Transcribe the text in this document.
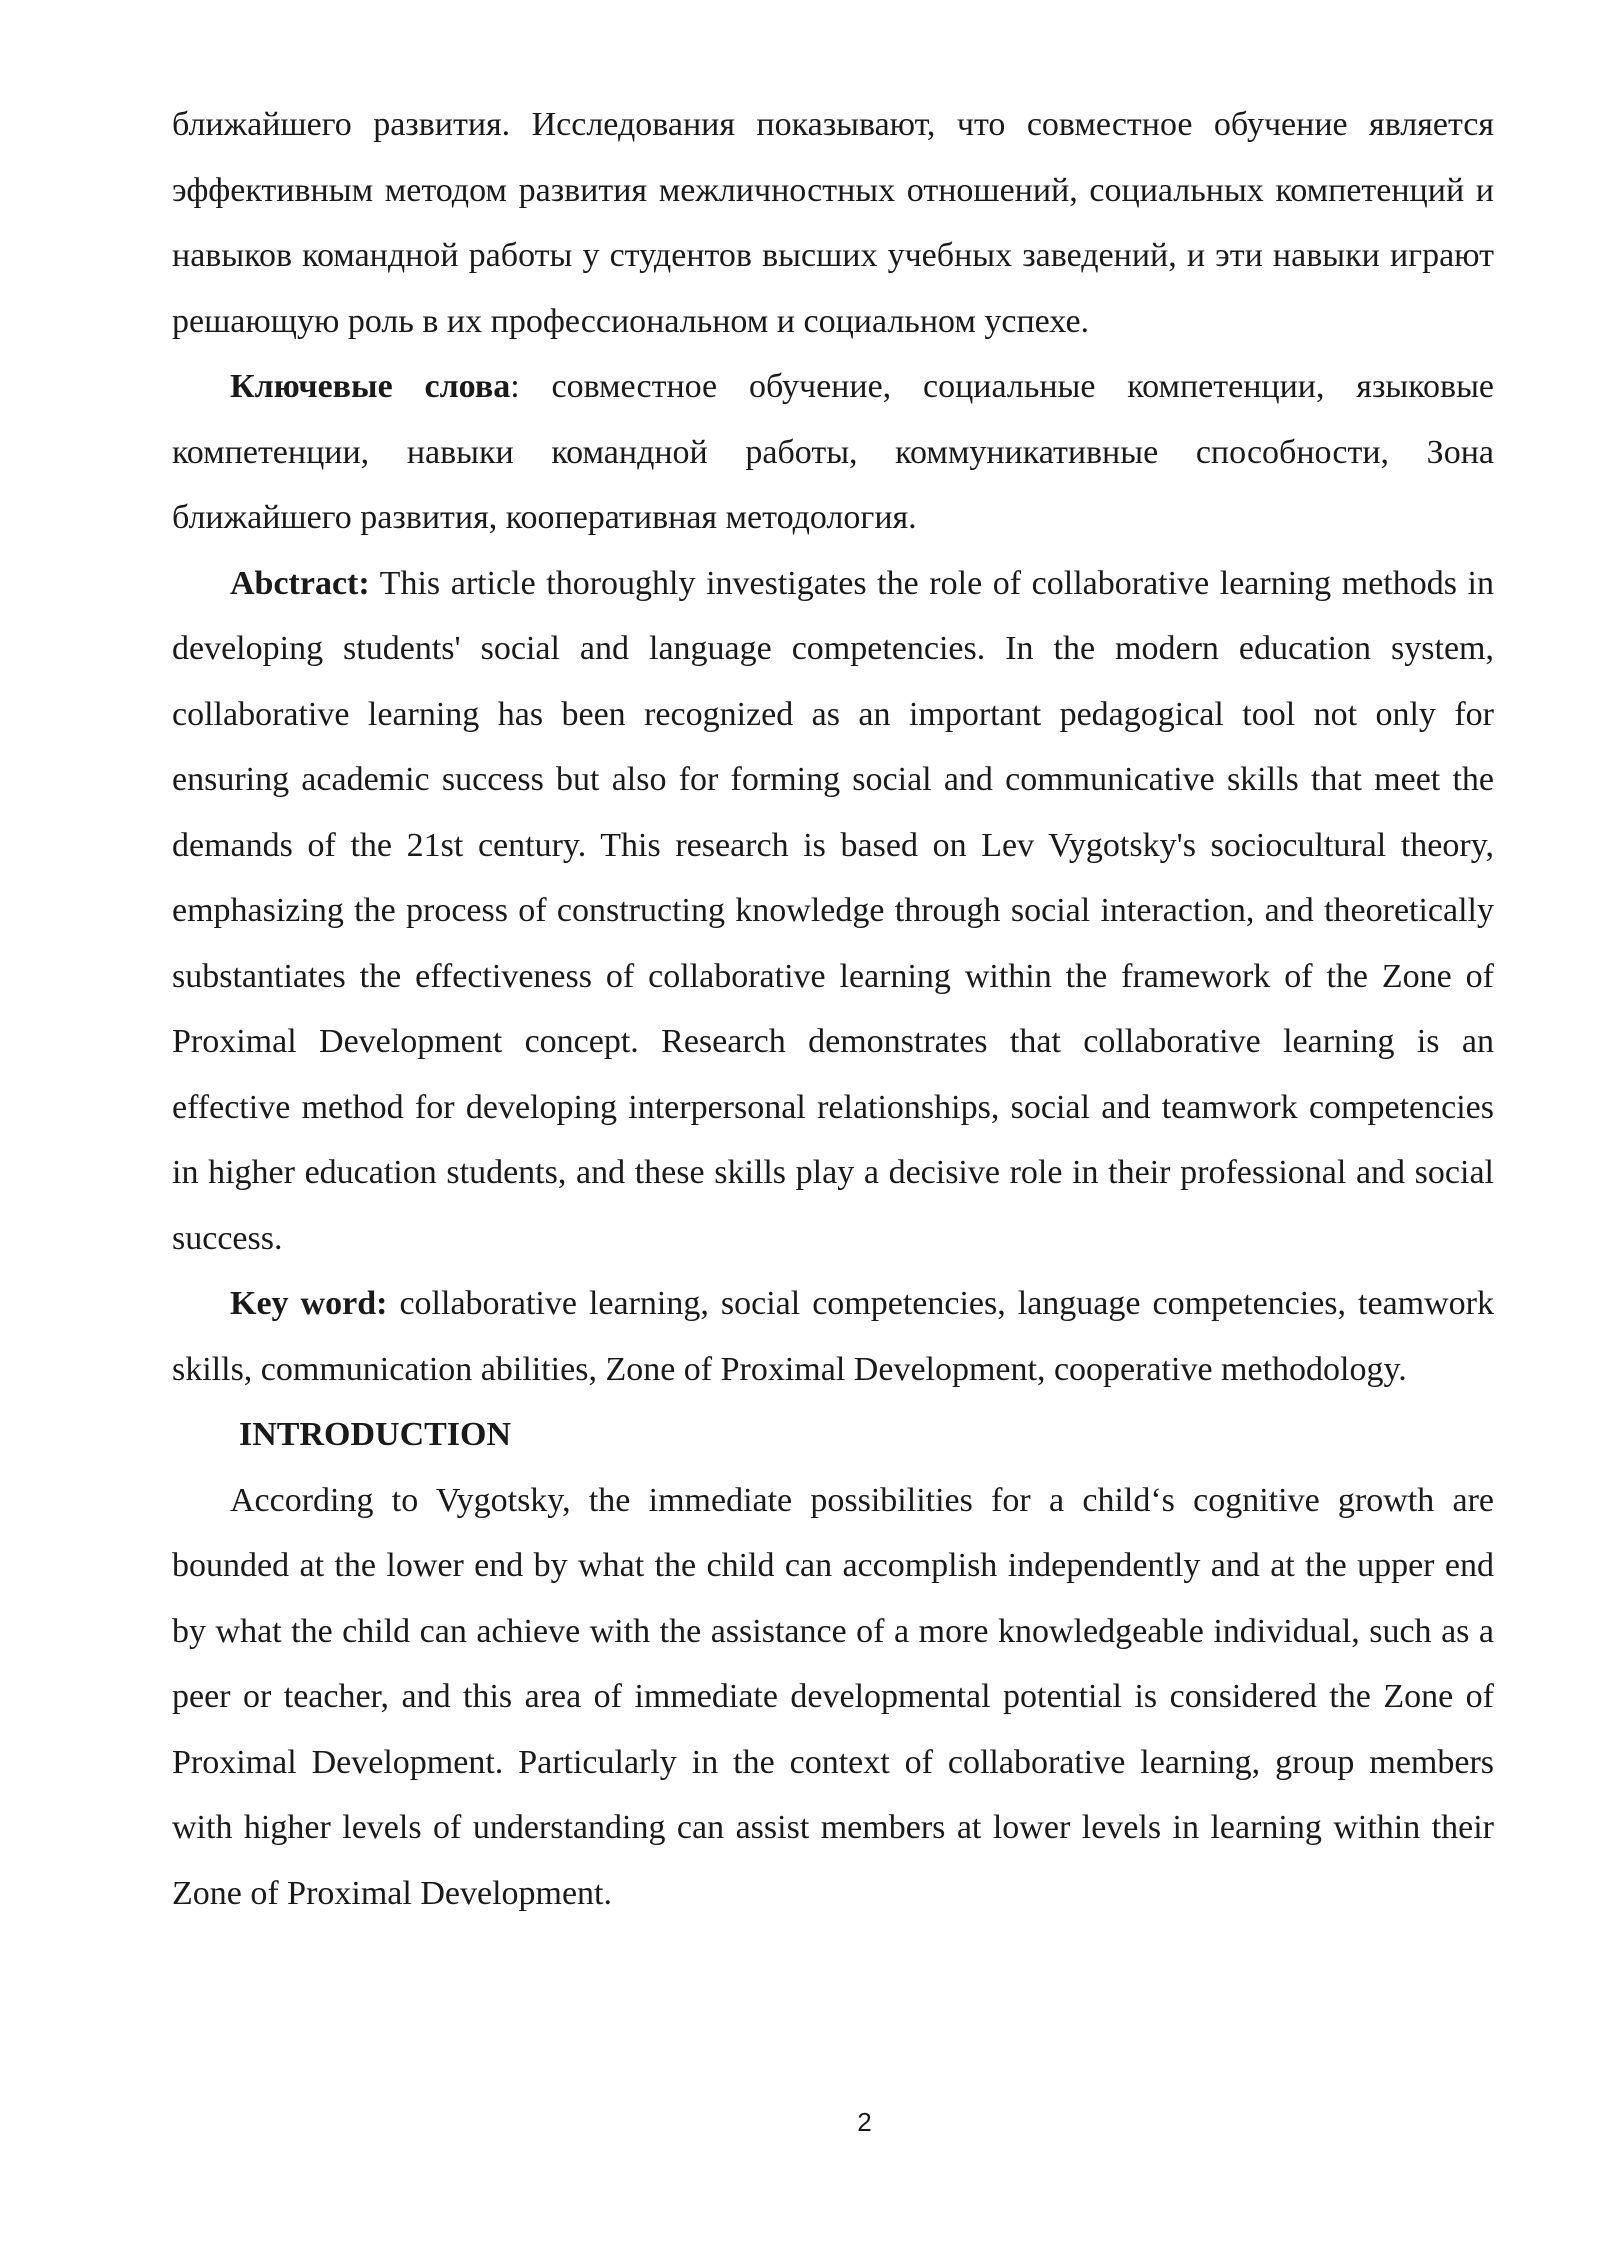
ближайшего развития. Исследования показывают, что совместное обучение является эффективным методом развития межличностных отношений, социальных компетенций и навыков командной работы у студентов высших учебных заведений, и эти навыки играют решающую роль в их профессиональном и социальном успехе.

Ключевые слова: совместное обучение, социальные компетенции, языковые компетенции, навыки командной работы, коммуникативные способности, Зона ближайшего развития, кооперативная методология.

Abctract: This article thoroughly investigates the role of collaborative learning methods in developing students' social and language competencies. In the modern education system, collaborative learning has been recognized as an important pedagogical tool not only for ensuring academic success but also for forming social and communicative skills that meet the demands of the 21st century. This research is based on Lev Vygotsky's sociocultural theory, emphasizing the process of constructing knowledge through social interaction, and theoretically substantiates the effectiveness of collaborative learning within the framework of the Zone of Proximal Development concept. Research demonstrates that collaborative learning is an effective method for developing interpersonal relationships, social and teamwork competencies in higher education students, and these skills play a decisive role in their professional and social success.

Key word: collaborative learning, social competencies, language competencies, teamwork skills, communication abilities, Zone of Proximal Development, cooperative methodology.

INTRODUCTION

According to Vygotsky, the immediate possibilities for a child‘s cognitive growth are bounded at the lower end by what the child can accomplish independently and at the upper end by what the child can achieve with the assistance of a more knowledgeable individual, such as a peer or teacher, and this area of immediate developmental potential is considered the Zone of Proximal Development. Particularly in the context of collaborative learning, group members with higher levels of understanding can assist members at lower levels in learning within their Zone of Proximal Development.

2
